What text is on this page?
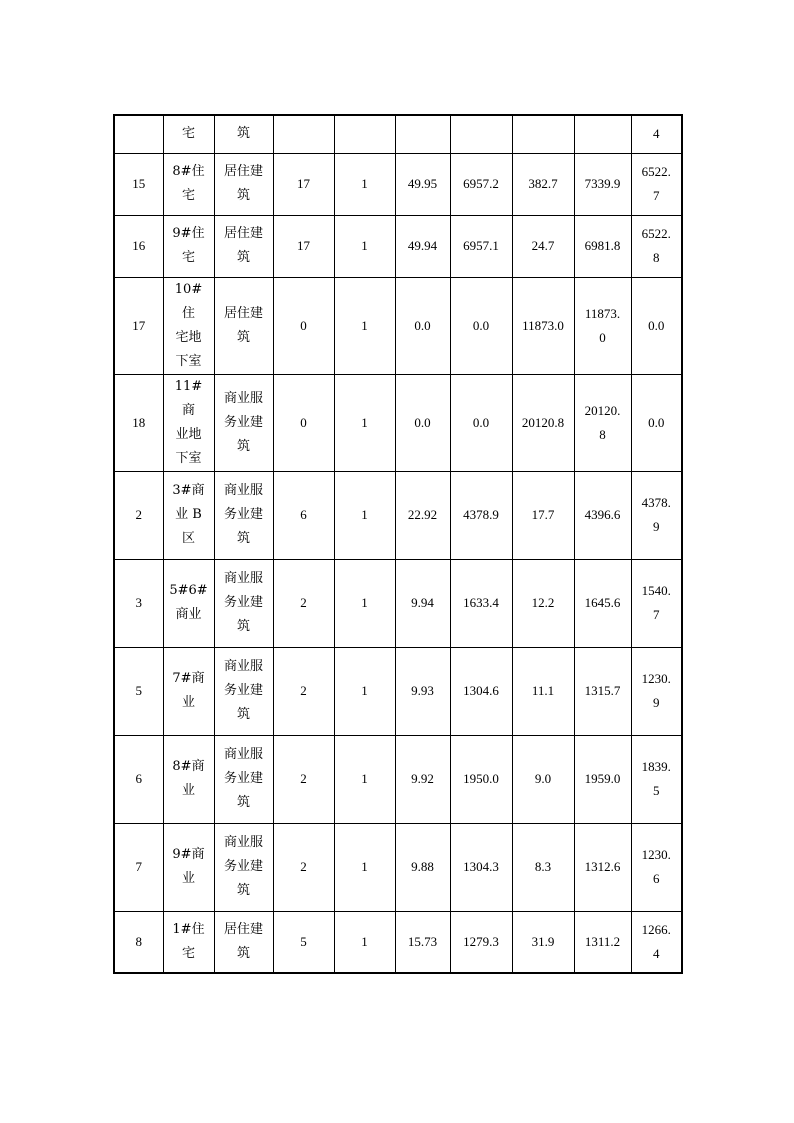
	宅	筑							4

15	8#住
宅	居住建
筑	17	1	49.95	6957.2	382.7	7339.9	6522.
7

16	9#住
宅	居住建
筑	17	1	49.94	6957.1	24.7	6981.8	6522.
8

17	10#住
宅地
下室	居住建
筑	0	1	0.0	0.0	11873.0	11873.
0	0.0

18	11#商
业地
下室	商业服
务业建
筑	0	1	0.0	0.0	20120.8	20120.
8	0.0

2	3#商
业 B
区	商业服
务业建
筑	6	1	22.92	4378.9	17.7	4396.6	4378.
9

3	5#6#
商业	商业服
务业建
筑	2	1	9.94	1633.4	12.2	1645.6	1540.
7

5	7#商
业	商业服
务业建
筑	2	1	9.93	1304.6	11.1	1315.7	1230.
9

6	8#商
业	商业服
务业建
筑	2	1	9.92	1950.0	9.0	1959.0	1839.
5

7	9#商
业	商业服
务业建
筑	2	1	9.88	1304.3	8.3	1312.6	1230.
6

8	1#住
宅	居住建
筑	5	1	15.73	1279.3	31.9	1311.2	1266.
4
